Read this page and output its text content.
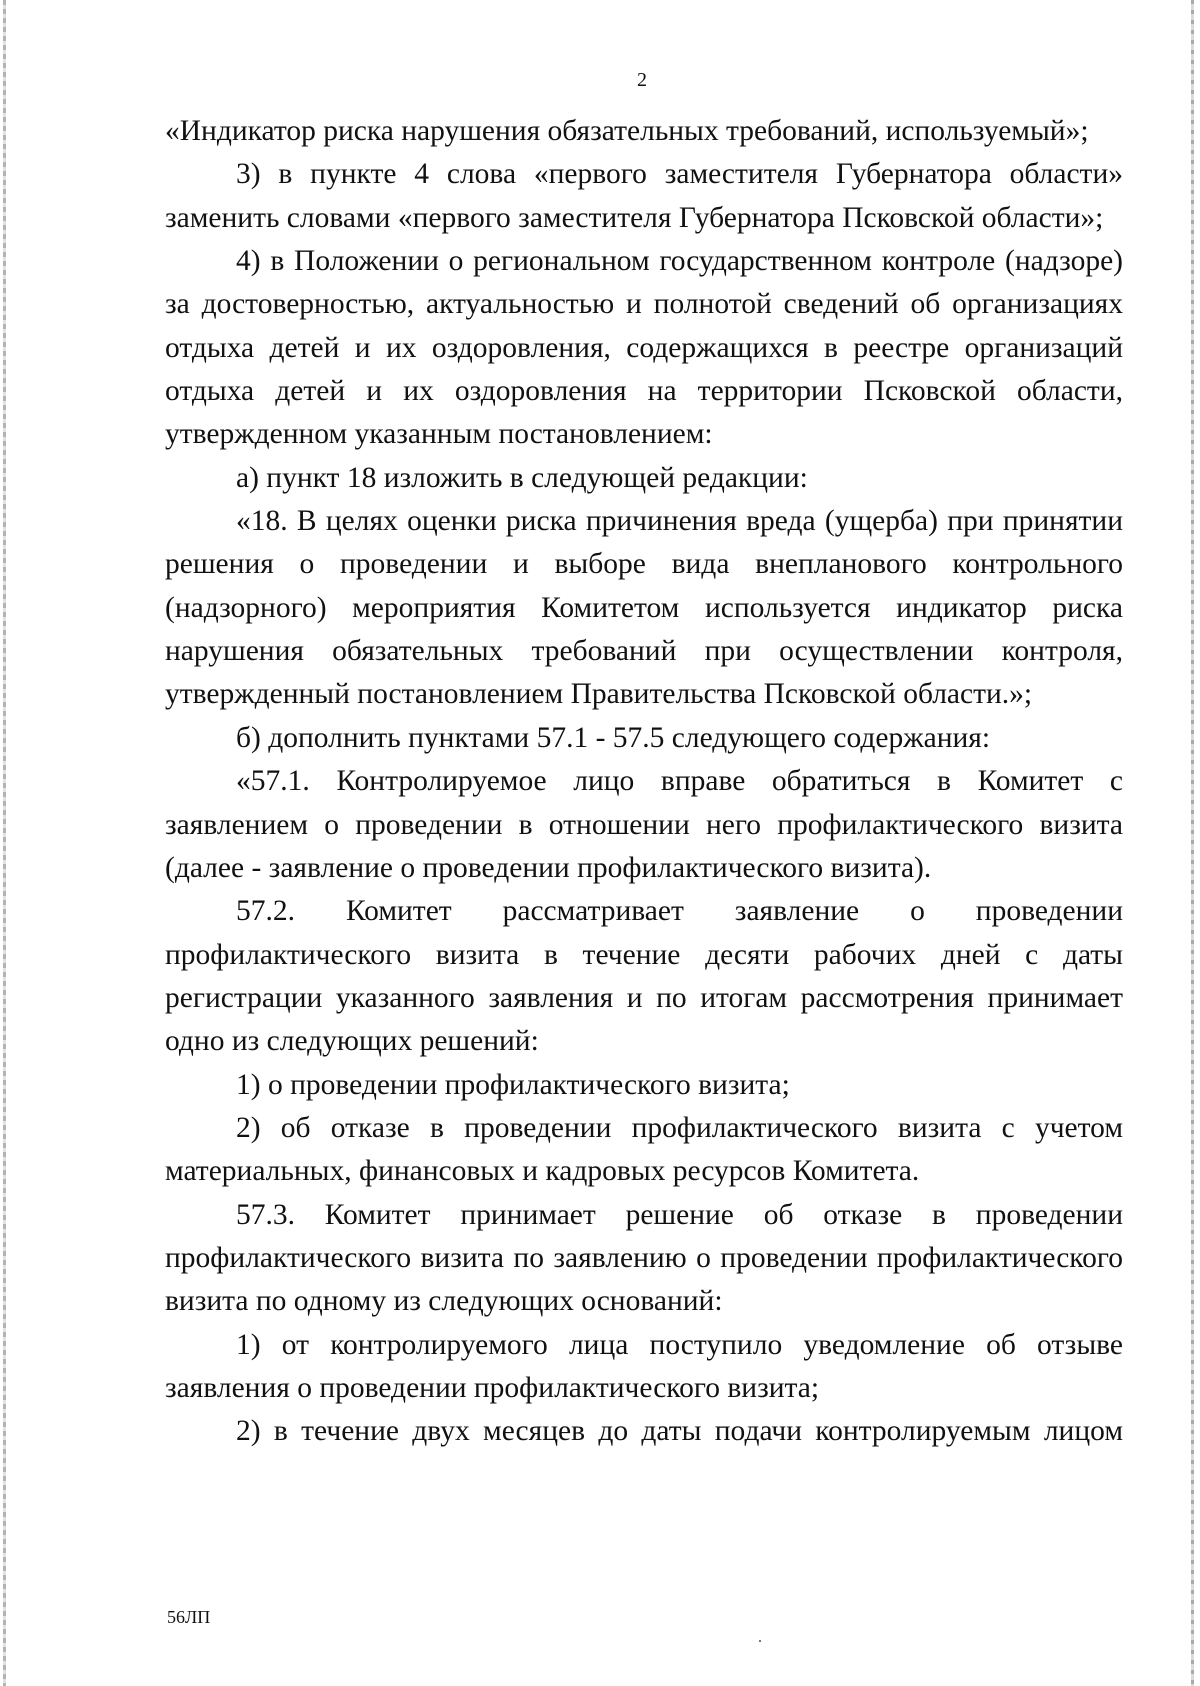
2

«Индикатор риска нарушения обязательных требований, используемый»;

3) в пункте 4 слова «первого заместителя Губернатора области» заменить словами «первого заместителя Губернатора Псковской области»;

4) в Положении о региональном государственном контроле (надзоре) за достоверностью, актуальностью и полнотой сведений об организациях отдыха детей и их оздоровления, содержащихся в реестре организаций отдыха детей и их оздоровления на территории Псковской области, утвержденном указанным постановлением:

а) пункт 18 изложить в следующей редакции:

«18. В целях оценки риска причинения вреда (ущерба) при принятии решения о проведении и выборе вида внепланового контрольного (надзорного) мероприятия Комитетом используется индикатор риска нарушения обязательных требований при осуществлении контроля, утвержденный постановлением Правительства Псковской области.»;

б) дополнить пунктами 57.1 - 57.5 следующего содержания:

«57.1. Контролируемое лицо вправе обратиться в Комитет с заявлением о проведении в отношении него профилактического визита (далее - заявление о проведении профилактического визита).

57.2. Комитет рассматривает заявление о проведении профилактического визита в течение десяти рабочих дней с даты регистрации указанного заявления и по итогам рассмотрения принимает одно из следующих решений:

1) о проведении профилактического визита;

2) об отказе в проведении профилактического визита с учетом материальных, финансовых и кадровых ресурсов Комитета.

57.3. Комитет принимает решение об отказе в проведении профилактического визита по заявлению о проведении профилактического визита по одному из следующих оснований:

1) от контролируемого лица поступило уведомление об отзыве заявления о проведении профилактического визита;

2) в течение двух месяцев до даты подачи контролируемым лицом

56ЛП
